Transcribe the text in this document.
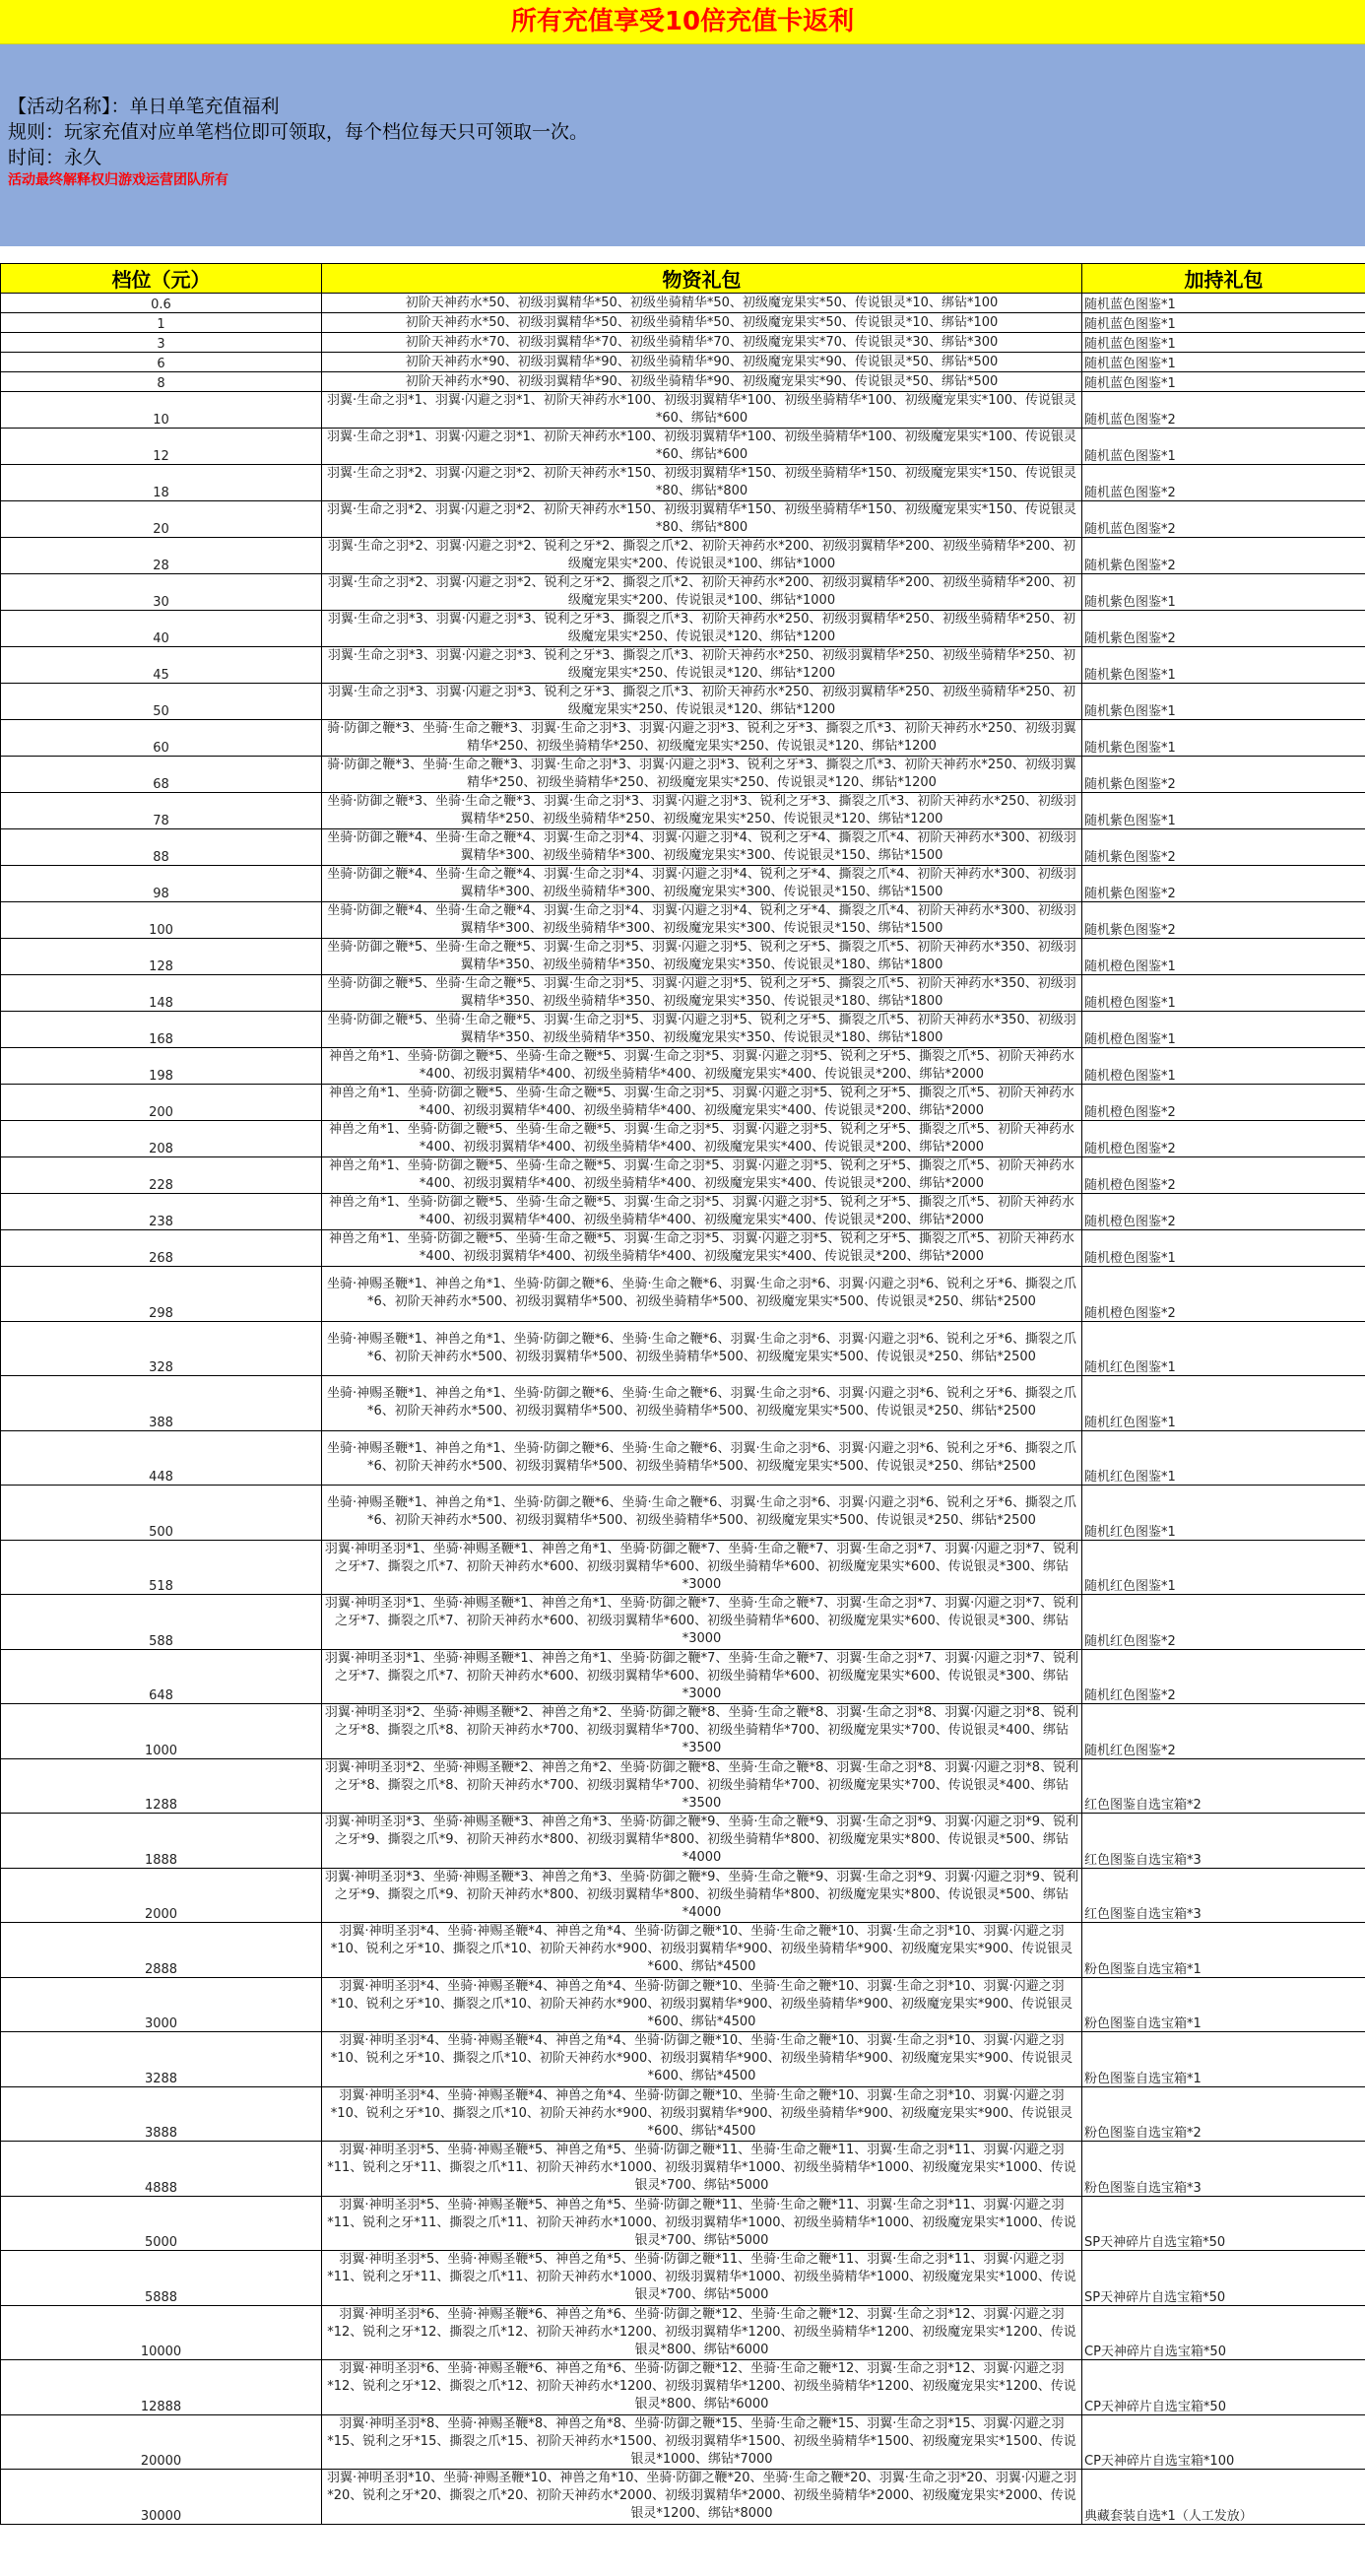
所有充值享受10倍充值卡返利
【活动名称】：单日单笔充值福利
规则：玩家充值对应单笔档位即可领取，每个档位每天只可领取一次。
时间：永久
活动最终解释权归游戏运营团队所有
档位（元）	物资礼包	加持礼包
0.6	初阶天神药水*50、初级羽翼精华*50、初级坐骑精华*50、初级魔宠果实*50、传说银灵*10、绑钻*100	随机蓝色图鉴*1
1	初阶天神药水*50、初级羽翼精华*50、初级坐骑精华*50、初级魔宠果实*50、传说银灵*10、绑钻*100	随机蓝色图鉴*1
3	初阶天神药水*70、初级羽翼精华*70、初级坐骑精华*70、初级魔宠果实*70、传说银灵*30、绑钻*300	随机蓝色图鉴*1
6	初阶天神药水*90、初级羽翼精华*90、初级坐骑精华*90、初级魔宠果实*90、传说银灵*50、绑钻*500	随机蓝色图鉴*1
8	初阶天神药水*90、初级羽翼精华*90、初级坐骑精华*90、初级魔宠果实*90、传说银灵*50、绑钻*500	随机蓝色图鉴*1
10	羽翼·生命之羽*1、羽翼·闪避之羽*1、初阶天神药水*100、初级羽翼精华*100、初级坐骑精华*100、初级魔宠果实*100、传说银灵*60、绑钻*600	随机蓝色图鉴*2
12	羽翼·生命之羽*1、羽翼·闪避之羽*1、初阶天神药水*100、初级羽翼精华*100、初级坐骑精华*100、初级魔宠果实*100、传说银灵*60、绑钻*600	随机蓝色图鉴*1
18	羽翼·生命之羽*2、羽翼·闪避之羽*2、初阶天神药水*150、初级羽翼精华*150、初级坐骑精华*150、初级魔宠果实*150、传说银灵*80、绑钻*800	随机蓝色图鉴*2
20	羽翼·生命之羽*2、羽翼·闪避之羽*2、初阶天神药水*150、初级羽翼精华*150、初级坐骑精华*150、初级魔宠果实*150、传说银灵*80、绑钻*800	随机蓝色图鉴*2
28	羽翼·生命之羽*2、羽翼·闪避之羽*2、锐利之牙*2、撕裂之爪*2、初阶天神药水*200、初级羽翼精华*200、初级坐骑精华*200、初级魔宠果实*200、传说银灵*100、绑钻*1000	随机紫色图鉴*2
30	羽翼·生命之羽*2、羽翼·闪避之羽*2、锐利之牙*2、撕裂之爪*2、初阶天神药水*200、初级羽翼精华*200、初级坐骑精华*200、初级魔宠果实*200、传说银灵*100、绑钻*1000	随机紫色图鉴*1
40	羽翼·生命之羽*3、羽翼·闪避之羽*3、锐利之牙*3、撕裂之爪*3、初阶天神药水*250、初级羽翼精华*250、初级坐骑精华*250、初级魔宠果实*250、传说银灵*120、绑钻*1200	随机紫色图鉴*2
45	羽翼·生命之羽*3、羽翼·闪避之羽*3、锐利之牙*3、撕裂之爪*3、初阶天神药水*250、初级羽翼精华*250、初级坐骑精华*250、初级魔宠果实*250、传说银灵*120、绑钻*1200	随机紫色图鉴*1
50	羽翼·生命之羽*3、羽翼·闪避之羽*3、锐利之牙*3、撕裂之爪*3、初阶天神药水*250、初级羽翼精华*250、初级坐骑精华*250、初级魔宠果实*250、传说银灵*120、绑钻*1200	随机紫色图鉴*1
60	骑·防御之鞭*3、坐骑·生命之鞭*3、羽翼·生命之羽*3、羽翼·闪避之羽*3、锐利之牙*3、撕裂之爪*3、初阶天神药水*250、初级羽翼精华*250、初级坐骑精华*250、初级魔宠果实*250、传说银灵*120、绑钻*1200	随机紫色图鉴*1
68	骑·防御之鞭*3、坐骑·生命之鞭*3、羽翼·生命之羽*3、羽翼·闪避之羽*3、锐利之牙*3、撕裂之爪*3、初阶天神药水*250、初级羽翼精华*250、初级坐骑精华*250、初级魔宠果实*250、传说银灵*120、绑钻*1200	随机紫色图鉴*2
78	坐骑·防御之鞭*3、坐骑·生命之鞭*3、羽翼·生命之羽*3、羽翼·闪避之羽*3、锐利之牙*3、撕裂之爪*3、初阶天神药水*250、初级羽翼精华*250、初级坐骑精华*250、初级魔宠果实*250、传说银灵*120、绑钻*1200	随机紫色图鉴*1
88	坐骑·防御之鞭*4、坐骑·生命之鞭*4、羽翼·生命之羽*4、羽翼·闪避之羽*4、锐利之牙*4、撕裂之爪*4、初阶天神药水*300、初级羽翼精华*300、初级坐骑精华*300、初级魔宠果实*300、传说银灵*150、绑钻*1500	随机紫色图鉴*2
98	坐骑·防御之鞭*4、坐骑·生命之鞭*4、羽翼·生命之羽*4、羽翼·闪避之羽*4、锐利之牙*4、撕裂之爪*4、初阶天神药水*300、初级羽翼精华*300、初级坐骑精华*300、初级魔宠果实*300、传说银灵*150、绑钻*1500	随机紫色图鉴*2
100	坐骑·防御之鞭*4、坐骑·生命之鞭*4、羽翼·生命之羽*4、羽翼·闪避之羽*4、锐利之牙*4、撕裂之爪*4、初阶天神药水*300、初级羽翼精华*300、初级坐骑精华*300、初级魔宠果实*300、传说银灵*150、绑钻*1500	随机紫色图鉴*2
128	坐骑·防御之鞭*5、坐骑·生命之鞭*5、羽翼·生命之羽*5、羽翼·闪避之羽*5、锐利之牙*5、撕裂之爪*5、初阶天神药水*350、初级羽翼精华*350、初级坐骑精华*350、初级魔宠果实*350、传说银灵*180、绑钻*1800	随机橙色图鉴*1
148	坐骑·防御之鞭*5、坐骑·生命之鞭*5、羽翼·生命之羽*5、羽翼·闪避之羽*5、锐利之牙*5、撕裂之爪*5、初阶天神药水*350、初级羽翼精华*350、初级坐骑精华*350、初级魔宠果实*350、传说银灵*180、绑钻*1800	随机橙色图鉴*1
168	坐骑·防御之鞭*5、坐骑·生命之鞭*5、羽翼·生命之羽*5、羽翼·闪避之羽*5、锐利之牙*5、撕裂之爪*5、初阶天神药水*350、初级羽翼精华*350、初级坐骑精华*350、初级魔宠果实*350、传说银灵*180、绑钻*1800	随机橙色图鉴*1
198	神兽之角*1、坐骑·防御之鞭*5、坐骑·生命之鞭*5、羽翼·生命之羽*5、羽翼·闪避之羽*5、锐利之牙*5、撕裂之爪*5、初阶天神药水*400、初级羽翼精华*400、初级坐骑精华*400、初级魔宠果实*400、传说银灵*200、绑钻*2000	随机橙色图鉴*1
200	神兽之角*1、坐骑·防御之鞭*5、坐骑·生命之鞭*5、羽翼·生命之羽*5、羽翼·闪避之羽*5、锐利之牙*5、撕裂之爪*5、初阶天神药水*400、初级羽翼精华*400、初级坐骑精华*400、初级魔宠果实*400、传说银灵*200、绑钻*2000	随机橙色图鉴*2
208	神兽之角*1、坐骑·防御之鞭*5、坐骑·生命之鞭*5、羽翼·生命之羽*5、羽翼·闪避之羽*5、锐利之牙*5、撕裂之爪*5、初阶天神药水*400、初级羽翼精华*400、初级坐骑精华*400、初级魔宠果实*400、传说银灵*200、绑钻*2000	随机橙色图鉴*2
228	神兽之角*1、坐骑·防御之鞭*5、坐骑·生命之鞭*5、羽翼·生命之羽*5、羽翼·闪避之羽*5、锐利之牙*5、撕裂之爪*5、初阶天神药水*400、初级羽翼精华*400、初级坐骑精华*400、初级魔宠果实*400、传说银灵*200、绑钻*2000	随机橙色图鉴*2
238	神兽之角*1、坐骑·防御之鞭*5、坐骑·生命之鞭*5、羽翼·生命之羽*5、羽翼·闪避之羽*5、锐利之牙*5、撕裂之爪*5、初阶天神药水*400、初级羽翼精华*400、初级坐骑精华*400、初级魔宠果实*400、传说银灵*200、绑钻*2000	随机橙色图鉴*2
268	神兽之角*1、坐骑·防御之鞭*5、坐骑·生命之鞭*5、羽翼·生命之羽*5、羽翼·闪避之羽*5、锐利之牙*5、撕裂之爪*5、初阶天神药水*400、初级羽翼精华*400、初级坐骑精华*400、初级魔宠果实*400、传说银灵*200、绑钻*2000	随机橙色图鉴*1
298	坐骑·神赐圣鞭*1、神兽之角*1、坐骑·防御之鞭*6、坐骑·生命之鞭*6、羽翼·生命之羽*6、羽翼·闪避之羽*6、锐利之牙*6、撕裂之爪*6、初阶天神药水*500、初级羽翼精华*500、初级坐骑精华*500、初级魔宠果实*500、传说银灵*250、绑钻*2500	随机橙色图鉴*2
328	坐骑·神赐圣鞭*1、神兽之角*1、坐骑·防御之鞭*6、坐骑·生命之鞭*6、羽翼·生命之羽*6、羽翼·闪避之羽*6、锐利之牙*6、撕裂之爪*6、初阶天神药水*500、初级羽翼精华*500、初级坐骑精华*500、初级魔宠果实*500、传说银灵*250、绑钻*2500	随机红色图鉴*1
388	坐骑·神赐圣鞭*1、神兽之角*1、坐骑·防御之鞭*6、坐骑·生命之鞭*6、羽翼·生命之羽*6、羽翼·闪避之羽*6、锐利之牙*6、撕裂之爪*6、初阶天神药水*500、初级羽翼精华*500、初级坐骑精华*500、初级魔宠果实*500、传说银灵*250、绑钻*2500	随机红色图鉴*1
448	坐骑·神赐圣鞭*1、神兽之角*1、坐骑·防御之鞭*6、坐骑·生命之鞭*6、羽翼·生命之羽*6、羽翼·闪避之羽*6、锐利之牙*6、撕裂之爪*6、初阶天神药水*500、初级羽翼精华*500、初级坐骑精华*500、初级魔宠果实*500、传说银灵*250、绑钻*2500	随机红色图鉴*1
500	坐骑·神赐圣鞭*1、神兽之角*1、坐骑·防御之鞭*6、坐骑·生命之鞭*6、羽翼·生命之羽*6、羽翼·闪避之羽*6、锐利之牙*6、撕裂之爪*6、初阶天神药水*500、初级羽翼精华*500、初级坐骑精华*500、初级魔宠果实*500、传说银灵*250、绑钻*2500	随机红色图鉴*1
518	羽翼·神明圣羽*1、坐骑·神赐圣鞭*1、神兽之角*1、坐骑·防御之鞭*7、坐骑·生命之鞭*7、羽翼·生命之羽*7、羽翼·闪避之羽*7、锐利之牙*7、撕裂之爪*7、初阶天神药水*600、初级羽翼精华*600、初级坐骑精华*600、初级魔宠果实*600、传说银灵*300、绑钻*3000	随机红色图鉴*1
588	羽翼·神明圣羽*1、坐骑·神赐圣鞭*1、神兽之角*1、坐骑·防御之鞭*7、坐骑·生命之鞭*7、羽翼·生命之羽*7、羽翼·闪避之羽*7、锐利之牙*7、撕裂之爪*7、初阶天神药水*600、初级羽翼精华*600、初级坐骑精华*600、初级魔宠果实*600、传说银灵*300、绑钻*3000	随机红色图鉴*2
648	羽翼·神明圣羽*1、坐骑·神赐圣鞭*1、神兽之角*1、坐骑·防御之鞭*7、坐骑·生命之鞭*7、羽翼·生命之羽*7、羽翼·闪避之羽*7、锐利之牙*7、撕裂之爪*7、初阶天神药水*600、初级羽翼精华*600、初级坐骑精华*600、初级魔宠果实*600、传说银灵*300、绑钻*3000	随机红色图鉴*2
1000	羽翼·神明圣羽*2、坐骑·神赐圣鞭*2、神兽之角*2、坐骑·防御之鞭*8、坐骑·生命之鞭*8、羽翼·生命之羽*8、羽翼·闪避之羽*8、锐利之牙*8、撕裂之爪*8、初阶天神药水*700、初级羽翼精华*700、初级坐骑精华*700、初级魔宠果实*700、传说银灵*400、绑钻*3500	随机红色图鉴*2
1288	羽翼·神明圣羽*2、坐骑·神赐圣鞭*2、神兽之角*2、坐骑·防御之鞭*8、坐骑·生命之鞭*8、羽翼·生命之羽*8、羽翼·闪避之羽*8、锐利之牙*8、撕裂之爪*8、初阶天神药水*700、初级羽翼精华*700、初级坐骑精华*700、初级魔宠果实*700、传说银灵*400、绑钻*3500	红色图鉴自选宝箱*2
1888	羽翼·神明圣羽*3、坐骑·神赐圣鞭*3、神兽之角*3、坐骑·防御之鞭*9、坐骑·生命之鞭*9、羽翼·生命之羽*9、羽翼·闪避之羽*9、锐利之牙*9、撕裂之爪*9、初阶天神药水*800、初级羽翼精华*800、初级坐骑精华*800、初级魔宠果实*800、传说银灵*500、绑钻*4000	红色图鉴自选宝箱*3
2000	羽翼·神明圣羽*3、坐骑·神赐圣鞭*3、神兽之角*3、坐骑·防御之鞭*9、坐骑·生命之鞭*9、羽翼·生命之羽*9、羽翼·闪避之羽*9、锐利之牙*9、撕裂之爪*9、初阶天神药水*800、初级羽翼精华*800、初级坐骑精华*800、初级魔宠果实*800、传说银灵*500、绑钻*4000	红色图鉴自选宝箱*3
2888	羽翼·神明圣羽*4、坐骑·神赐圣鞭*4、神兽之角*4、坐骑·防御之鞭*10、坐骑·生命之鞭*10、羽翼·生命之羽*10、羽翼·闪避之羽*10、锐利之牙*10、撕裂之爪*10、初阶天神药水*900、初级羽翼精华*900、初级坐骑精华*900、初级魔宠果实*900、传说银灵*600、绑钻*4500	粉色图鉴自选宝箱*1
3000	羽翼·神明圣羽*4、坐骑·神赐圣鞭*4、神兽之角*4、坐骑·防御之鞭*10、坐骑·生命之鞭*10、羽翼·生命之羽*10、羽翼·闪避之羽*10、锐利之牙*10、撕裂之爪*10、初阶天神药水*900、初级羽翼精华*900、初级坐骑精华*900、初级魔宠果实*900、传说银灵*600、绑钻*4500	粉色图鉴自选宝箱*1
3288	羽翼·神明圣羽*4、坐骑·神赐圣鞭*4、神兽之角*4、坐骑·防御之鞭*10、坐骑·生命之鞭*10、羽翼·生命之羽*10、羽翼·闪避之羽*10、锐利之牙*10、撕裂之爪*10、初阶天神药水*900、初级羽翼精华*900、初级坐骑精华*900、初级魔宠果实*900、传说银灵*600、绑钻*4500	粉色图鉴自选宝箱*1
3888	羽翼·神明圣羽*4、坐骑·神赐圣鞭*4、神兽之角*4、坐骑·防御之鞭*10、坐骑·生命之鞭*10、羽翼·生命之羽*10、羽翼·闪避之羽*10、锐利之牙*10、撕裂之爪*10、初阶天神药水*900、初级羽翼精华*900、初级坐骑精华*900、初级魔宠果实*900、传说银灵*600、绑钻*4500	粉色图鉴自选宝箱*2
4888	羽翼·神明圣羽*5、坐骑·神赐圣鞭*5、神兽之角*5、坐骑·防御之鞭*11、坐骑·生命之鞭*11、羽翼·生命之羽*11、羽翼·闪避之羽*11、锐利之牙*11、撕裂之爪*11、初阶天神药水*1000、初级羽翼精华*1000、初级坐骑精华*1000、初级魔宠果实*1000、传说银灵*700、绑钻*5000	粉色图鉴自选宝箱*3
5000	羽翼·神明圣羽*5、坐骑·神赐圣鞭*5、神兽之角*5、坐骑·防御之鞭*11、坐骑·生命之鞭*11、羽翼·生命之羽*11、羽翼·闪避之羽*11、锐利之牙*11、撕裂之爪*11、初阶天神药水*1000、初级羽翼精华*1000、初级坐骑精华*1000、初级魔宠果实*1000、传说银灵*700、绑钻*5000	SP天神碎片自选宝箱*50
5888	羽翼·神明圣羽*5、坐骑·神赐圣鞭*5、神兽之角*5、坐骑·防御之鞭*11、坐骑·生命之鞭*11、羽翼·生命之羽*11、羽翼·闪避之羽*11、锐利之牙*11、撕裂之爪*11、初阶天神药水*1000、初级羽翼精华*1000、初级坐骑精华*1000、初级魔宠果实*1000、传说银灵*700、绑钻*5000	SP天神碎片自选宝箱*50
10000	羽翼·神明圣羽*6、坐骑·神赐圣鞭*6、神兽之角*6、坐骑·防御之鞭*12、坐骑·生命之鞭*12、羽翼·生命之羽*12、羽翼·闪避之羽*12、锐利之牙*12、撕裂之爪*12、初阶天神药水*1200、初级羽翼精华*1200、初级坐骑精华*1200、初级魔宠果实*1200、传说银灵*800、绑钻*6000	CP天神碎片自选宝箱*50
12888	羽翼·神明圣羽*6、坐骑·神赐圣鞭*6、神兽之角*6、坐骑·防御之鞭*12、坐骑·生命之鞭*12、羽翼·生命之羽*12、羽翼·闪避之羽*12、锐利之牙*12、撕裂之爪*12、初阶天神药水*1200、初级羽翼精华*1200、初级坐骑精华*1200、初级魔宠果实*1200、传说银灵*800、绑钻*6000	CP天神碎片自选宝箱*50
20000	羽翼·神明圣羽*8、坐骑·神赐圣鞭*8、神兽之角*8、坐骑·防御之鞭*15、坐骑·生命之鞭*15、羽翼·生命之羽*15、羽翼·闪避之羽*15、锐利之牙*15、撕裂之爪*15、初阶天神药水*1500、初级羽翼精华*1500、初级坐骑精华*1500、初级魔宠果实*1500、传说银灵*1000、绑钻*7000	CP天神碎片自选宝箱*100
30000	羽翼·神明圣羽*10、坐骑·神赐圣鞭*10、神兽之角*10、坐骑·防御之鞭*20、坐骑·生命之鞭*20、羽翼·生命之羽*20、羽翼·闪避之羽*20、锐利之牙*20、撕裂之爪*20、初阶天神药水*2000、初级羽翼精华*2000、初级坐骑精华*2000、初级魔宠果实*2000、传说银灵*1200、绑钻*8000	典藏套装自选*1（人工发放）
